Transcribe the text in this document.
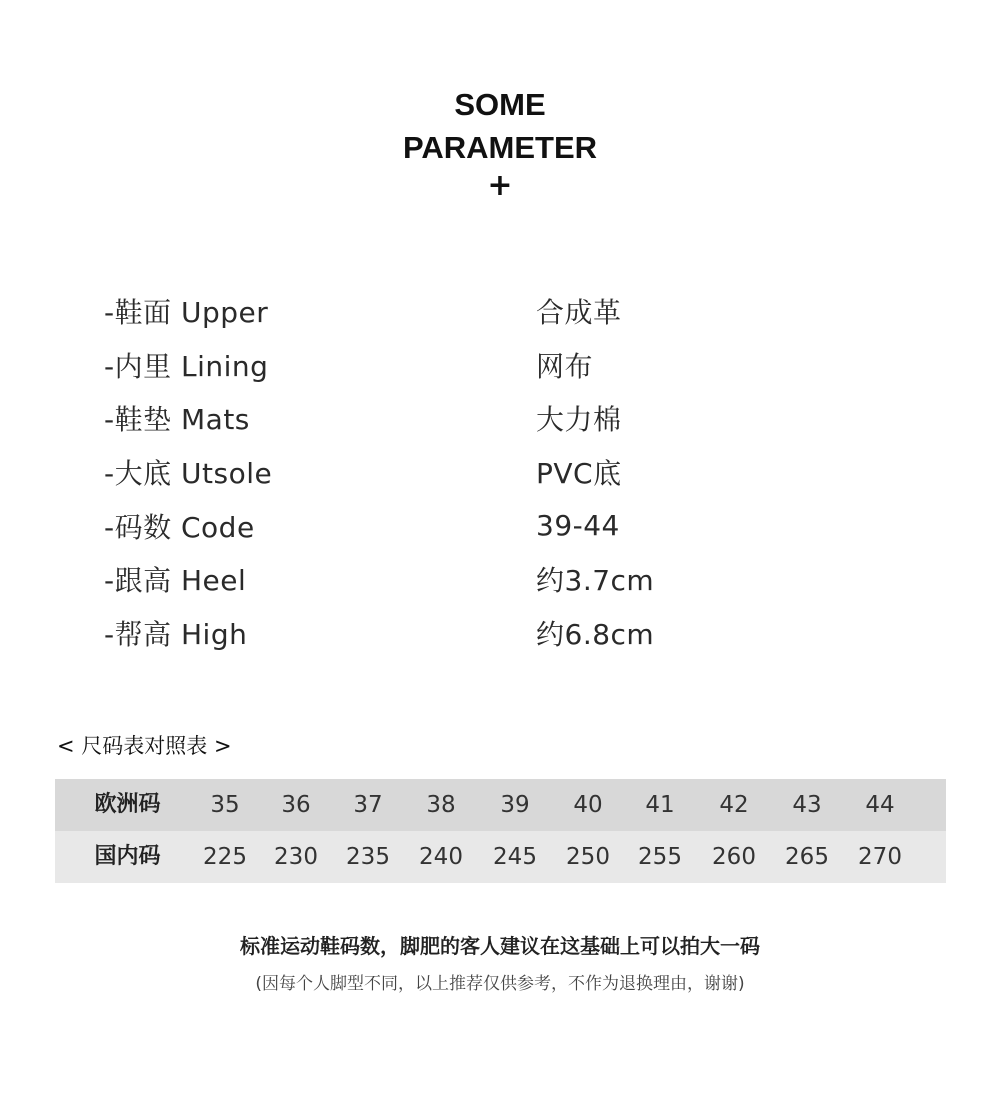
SOME
PARAMETER
+
-鞋面 Upper	合成革
-内里 Lining	网布
-鞋垫 Mats	大力棉
-大底 Utsole	PVC底
-码数 Code	39-44
-跟高 Heel	约3.7cm
-帮高 High	约6.8cm
< 尺码表对照表 >
欧洲码	35	36	37	38	39	40	41	42	43	44
国内码	225	230	235	240	245	250	255	260	265	270
标准运动鞋码数，脚肥的客人建议在这基础上可以拍大一码
(因每个人脚型不同，以上推荐仅供参考，不作为退换理由，谢谢)
